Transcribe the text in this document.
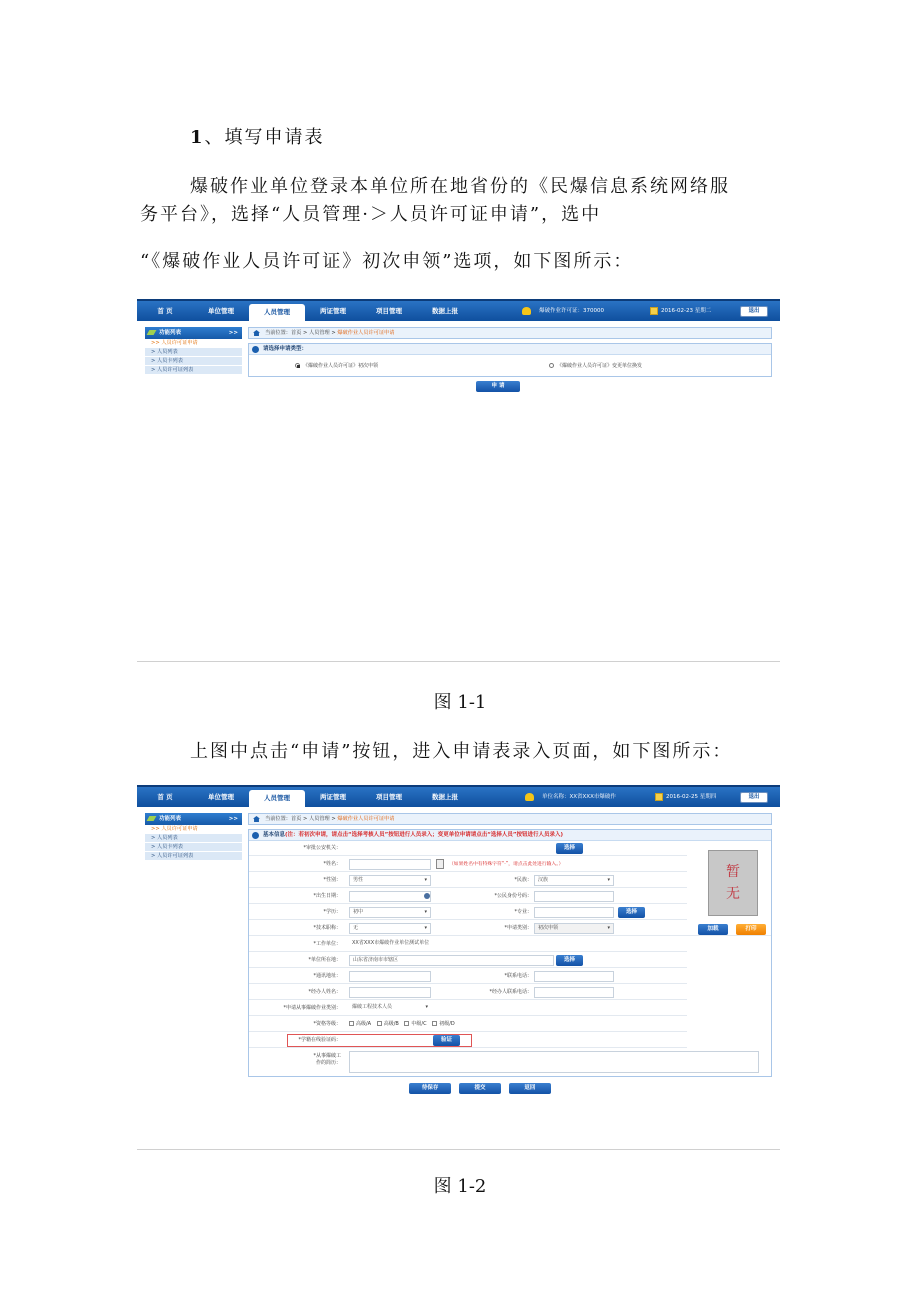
1、填写申请表
爆破作业单位登录本单位所在地省份的《民爆信息系统网络服
务平台》，选择“人员管理·＞人员许可证申请”，选中
“《爆破作业人员许可证》初次申领”选项，如下图所示：
首 页	单位管理	人员管理	两证管理	项目管理	数据上报	爆破作业许可证：370000	2016-02-23 星期二	退出
功能列表	>>
>> 人员许可证申请
> 人员列表
> 人员卡列表
> 人员许可证列表
当前位置：首页 > 人员管理 > 爆破作业人员许可证申请
请选择申请类型：
《爆破作业人员许可证》初次申领	《爆破作业人员许可证》变更单位换发
申 请
图 1-1
上图中点击“申请”按钮，进入申请表录入页面，如下图所示：
首 页	单位管理	人员管理	两证管理	项目管理	数据上报	单位名称：XX省XXX市爆破作	2016-02-25 星期四	退出
功能列表	>>
>> 人员许可证申请
> 人员列表
> 人员卡列表
> 人员许可证列表
当前位置：首页 > 人员管理 > 爆破作业人员许可证申请
基本信息(注：若初次申请，请点击“选择考核人员”按钮进行人员录入；变更单位申请请点击“选择人员”按钮进行人员录入)
*审批公安机关：	选择
*姓名：	（如果姓名中有特殊字符“·”，请点击此处进行输入。）
*性别：	男性 ▾	*民族：	汉族 ▾
*出生日期：	*公民身份号码：
*学历：	初中 ▾	*专业：	选择
*技术职称：	无 ▾	*申请类别：	初次申领 ▾
*工作单位：	XX省XXX市爆破作业单位测试单位
*单位所在地：	山东省济南市市辖区	选择
*通讯地址：	*联系电话：
*经办人姓名：	*经办人联系电话：
*申请从事爆破作业类别：	爆破工程技术人员 ▾
*资格等级：	高级/A	高级/B	中级/C	初级/D
*学籍在线验证码：	验证
*从事爆破工作的简历：
暂
无
加载	打印
待保存	提交	返回
图 1-2
